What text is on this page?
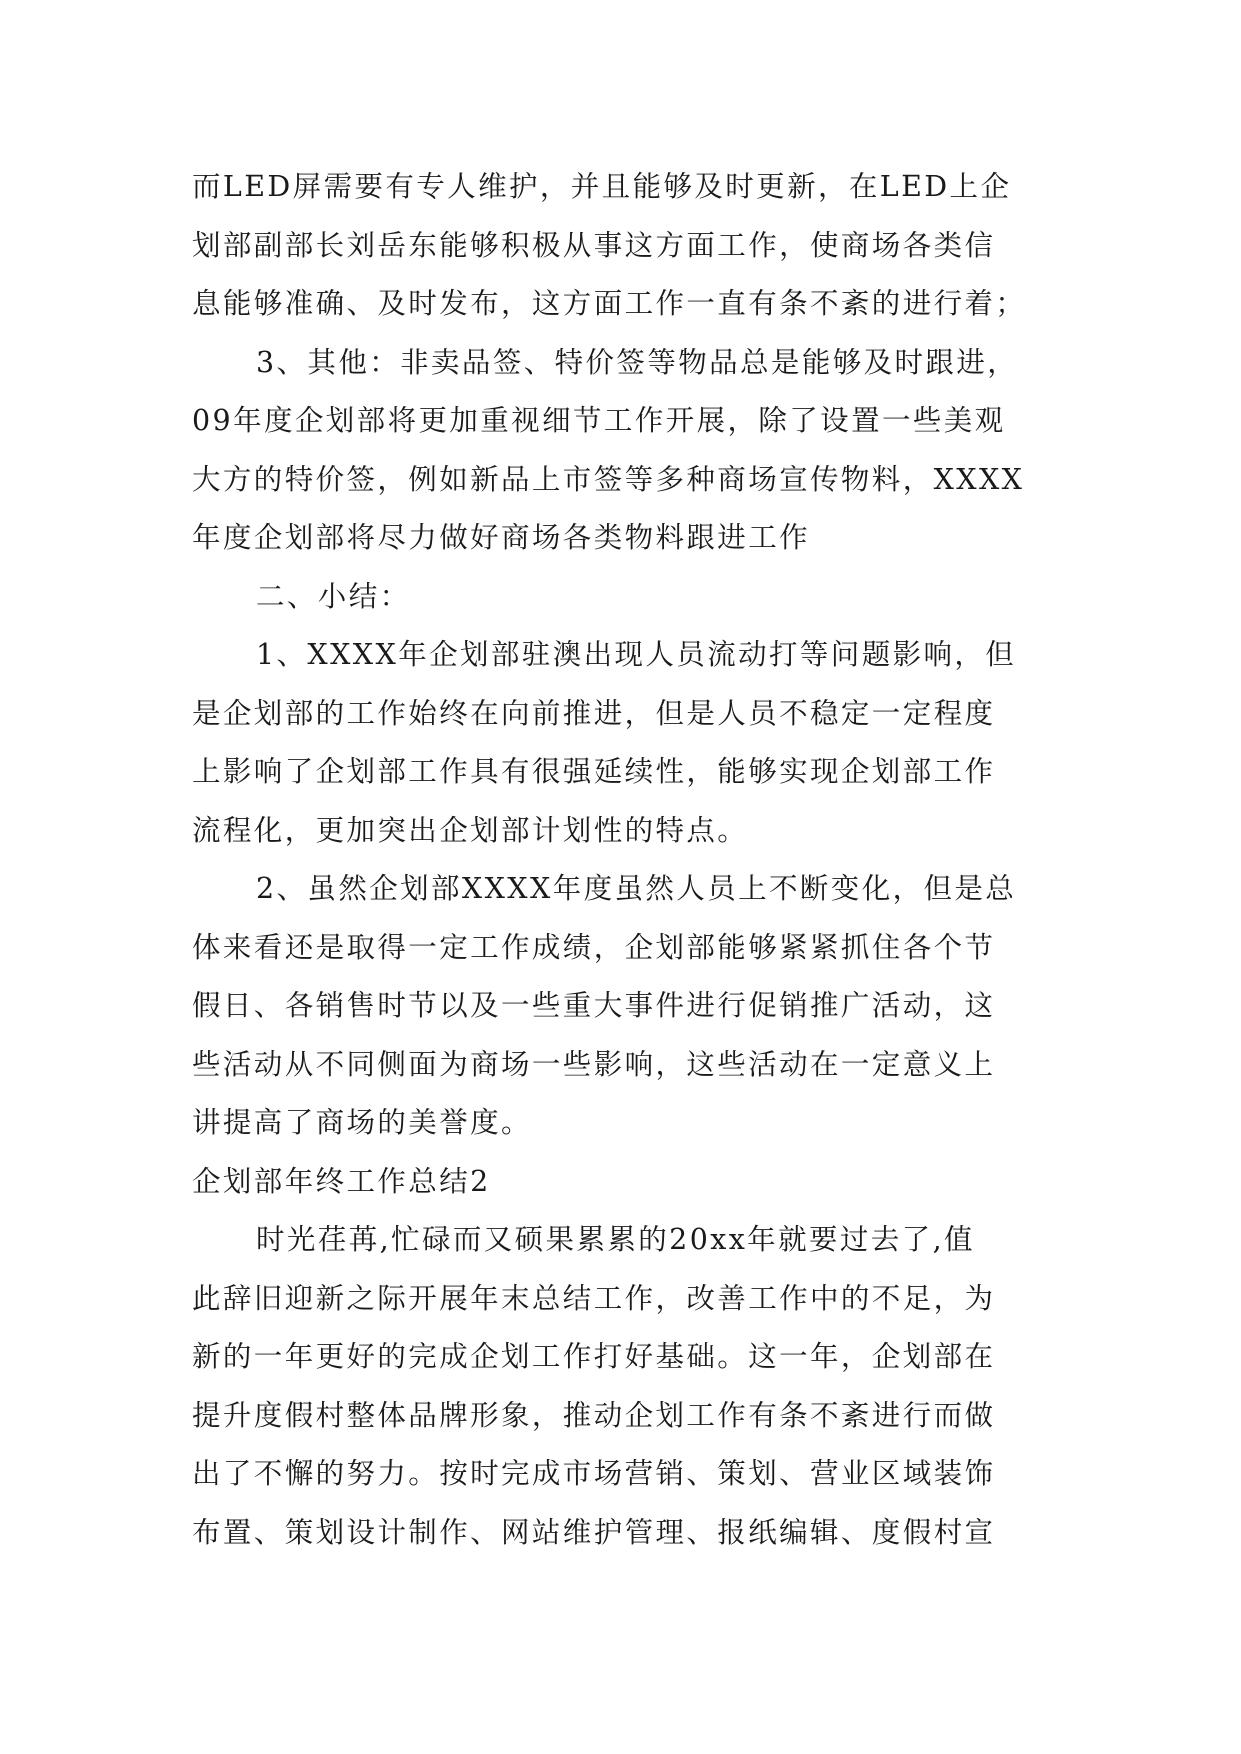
而LED屏需要有专人维护，并且能够及时更新，在LED上企
划部副部长刘岳东能够积极从事这方面工作，使商场各类信
息能够准确、及时发布，这方面工作一直有条不紊的进行着；
3、其他：非卖品签、特价签等物品总是能够及时跟进，
09年度企划部将更加重视细节工作开展，除了设置一些美观
大方的特价签，例如新品上市签等多种商场宣传物料，XXXX
年度企划部将尽力做好商场各类物料跟进工作
二、小结：
1、XXXX年企划部驻澳出现人员流动打等问题影响，但
是企划部的工作始终在向前推进，但是人员不稳定一定程度
上影响了企划部工作具有很强延续性，能够实现企划部工作
流程化，更加突出企划部计划性的特点。
2、虽然企划部XXXX年度虽然人员上不断变化，但是总
体来看还是取得一定工作成绩，企划部能够紧紧抓住各个节
假日、各销售时节以及一些重大事件进行促销推广活动，这
些活动从不同侧面为商场一些影响，这些活动在一定意义上
讲提高了商场的美誉度。
企划部年终工作总结2
时光荏苒,忙碌而又硕果累累的20xx年就要过去了,值
此辞旧迎新之际开展年末总结工作，改善工作中的不足，为
新的一年更好的完成企划工作打好基础。这一年，企划部在
提升度假村整体品牌形象，推动企划工作有条不紊进行而做
出了不懈的努力。按时完成市场营销、策划、营业区域装饰
布置、策划设计制作、网站维护管理、报纸编辑、度假村宣
